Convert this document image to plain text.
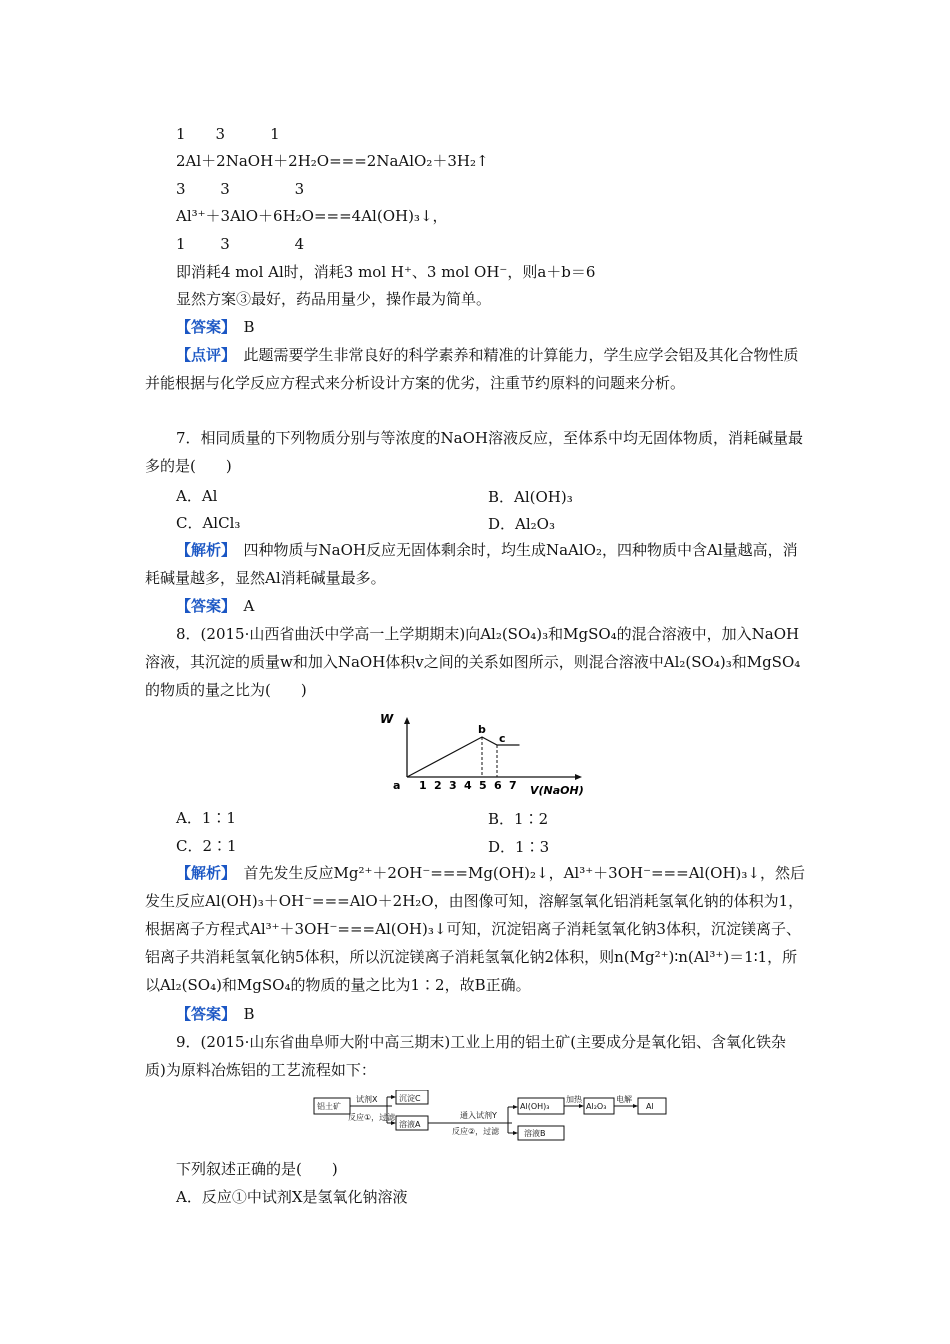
1　　3　　　1
2Al＋2NaOH＋2H₂O===2NaAlO₂＋3H₂↑
3　　 3　　　　 3
Al³⁺＋3AlO＋6H₂O===4Al(OH)₃↓，
1　　 3　　　　 4
即消耗4 mol Al时，消耗3 mol H⁺、3 mol OH⁻，则a＋b＝6
显然方案③最好，药品用量少，操作最为简单。
【答案】　 B
【点评】　 此题需要学生非常良好的科学素养和精准的计算能力，学生应学会铝及其化合物性质并能根据与化学反应方程式来分析设计方案的优劣，注重节约原料的问题来分析。
7．相同质量的下列物质分别与等浓度的NaOH溶液反应，至体系中均无固体物质，消耗碱量最多的是(　　)
A．Al	B．Al(OH)₃
C．AlCl₃	D．Al₂O₃
【解析】　 四种物质与NaOH反应无固体剩余时，均生成NaAlO₂，四种物质中含Al量越高，消耗碱量越多，显然Al消耗碱量最多。
【答案】　 A
8．(2015·山西省曲沃中学高一上学期期末)向Al₂(SO₄)₃和MgSO₄的混合溶液中，加入NaOH溶液，其沉淀的质量w和加入NaOH体积v之间的关系如图所示，则混合溶液中Al₂(SO₄)₃和MgSO₄的物质的量之比为(　　)
W
V(NaOH)
a 1 2 3 4 5 6 7
b
c
A．1∶1	B．1∶2
C．2∶1	D．1∶3
【解析】　 首先发生反应Mg²⁺＋2OH⁻===Mg(OH)₂↓，Al³⁺＋3OH⁻===Al(OH)₃↓，然后发生反应Al(OH)₃＋OH⁻===AlO＋2H₂O，由图像可知，溶解氢氧化铝消耗氢氧化钠的体积为1，根据离子方程式Al³⁺＋3OH⁻===Al(OH)₃↓可知，沉淀铝离子消耗氢氧化钠3体积，沉淀镁离子、铝离子共消耗氢氧化钠5体积，所以沉淀镁离子消耗氢氧化钠2体积，则n(Mg²⁺)∶n(Al³⁺)＝1∶1，所以Al₂(SO₄)和MgSO₄的物质的量之比为1∶2，故B正确。
【答案】　 B
9．(2015·山东省曲阜师大附中高三期末)工业上用的铝土矿(主要成分是氧化铝、含氧化铁杂质)为原料冶炼铝的工艺流程如下：
铝土矿
试剂X
反应①，过滤
沉淀C
溶液A
通入试剂Y
反应②，过滤
Al(OH)₃
加热
Al₂O₃
电解
Al
溶液B
下列叙述正确的是(　　)
A．反应①中试剂X是氢氧化钠溶液
